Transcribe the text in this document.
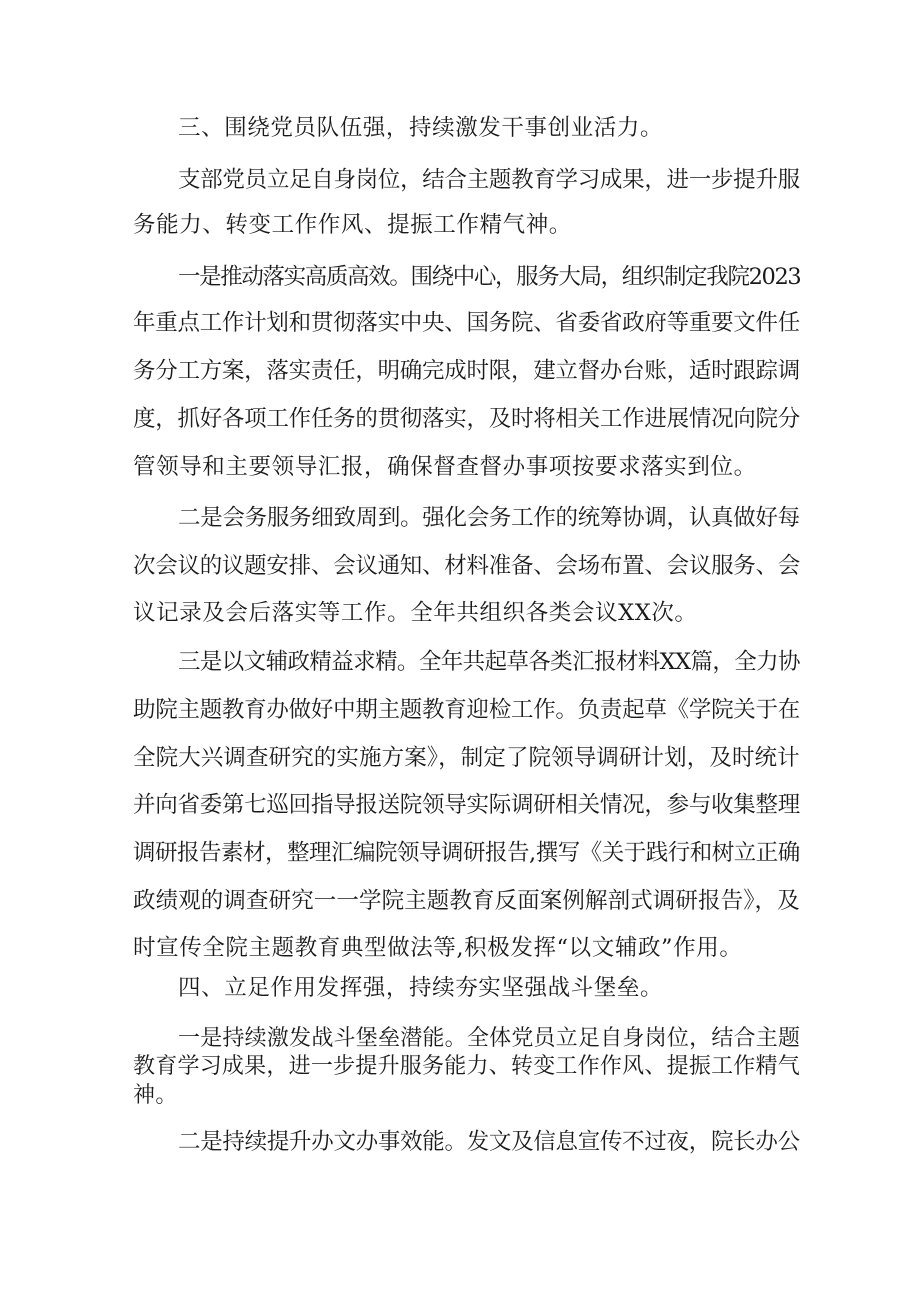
三、围绕党员队伍强，持续激发干事创业活力。
支部党员立足自身岗位，结合主题教育学习成果，进一步提升服
务能力、转变工作作风、提振工作精气神。
一是推动落实高质高效。围绕中心，服务大局，组织制定我院2023
年重点工作计划和贯彻落实中央、国务院、省委省政府等重要文件任
务分工方案，落实责任，明确完成时限，建立督办台账，适时跟踪调
度，抓好各项工作任务的贯彻落实，及时将相关工作进展情况向院分
管领导和主要领导汇报，确保督查督办事项按要求落实到位。
二是会务服务细致周到。强化会务工作的统筹协调，认真做好每
次会议的议题安排、会议通知、材料准备、会场布置、会议服务、会
议记录及会后落实等工作。全年共组织各类会议XX次。
三是以文辅政精益求精。全年共起草各类汇报材料XX篇，全力协
助院主题教育办做好中期主题教育迎检工作。负责起草《学院关于在
全院大兴调查研究的实施方案》，制定了院领导调研计划，及时统计
并向省委第七巡回指导报送院领导实际调研相关情况，参与收集整理
调研报告素材，整理汇编院领导调研报告,撰写《关于践行和树立正确
政绩观的调查研究一一学院主题教育反面案例解剖式调研报告》，及
时宣传全院主题教育典型做法等,积极发挥“以文辅政”作用。
四、立足作用发挥强，持续夯实坚强战斗堡垒。
一是持续激发战斗堡垒潜能。全体党员立足自身岗位，结合主题
教育学习成果，进一步提升服务能力、转变工作作风、提振工作精气
神。
二是持续提升办文办事效能。发文及信息宣传不过夜，院长办公
